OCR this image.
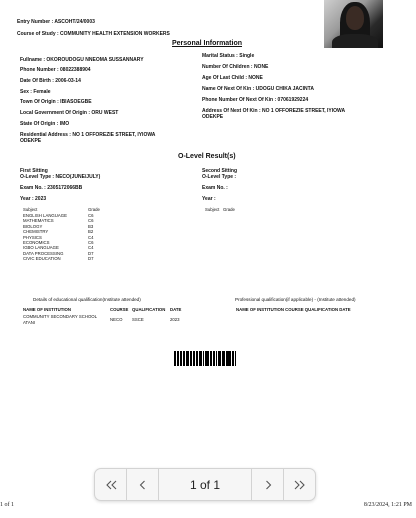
Entry Number : ASCOHT/24/0003
Course of Study : COMMUNITY HEALTH EXTENSION WORKERS
Personal Information
Fullname : OKOROUDOGU NNEOMA SUSSANNARY
Phone Number : 08022388904
Date Of Birth : 2006-03-14
Sex : Female
Town Of Origin : IBIASOEGBE
Local Government Of Origin : ORU WEST
State Of Origin : IMO
Residential Address : NO 1 OFFOREZIE STREET, IYIOWA
ODEKPE
Marital Status : Single
Number Of Children : NONE
Age Of Last Child : NONE
Name Of Next Of Kin : UDOGU CHIKA JACINTA
Phone Number Of Next Of Kin : 07061929224
Address Of Next Of Kin : NO 1 OFFOREZIE STREET, IYIOWA
ODEKPE
O-Level Result(s)
First Sitting
O-Level Type : NECO(JUNE/JULY)
Exam No. : 2305172066BB
Year : 2023
Subject	Grade
ENGLISH LANGUAGE	C6
MATHEMATICS	C6
BIOLOGY	B3
CHEMISTRY	B2
PHYSICS	C4
ECONOMICS	C6
IGBO LANGUAGE	C4
DATA PROCESSING	D7
CIVIC EDUCATION	D7
Second Sitting
O-Level Type :
Exam No. :
Year :
Subject Grade
Details of educational qualification(Institute attended)
NAME OF INSTITUTION	COURSE QUALIFICATION DATE
COMMUNITY SECONDARY SCHOOL
ATANI
NECO SSCE	2023
Professional qualification(if applicable) - (Institute attended)
NAME OF INSTITUTION COURSE QUALIFICATION DATE
1 of 1
1 of 1	8/23/2024, 1:21 PM
